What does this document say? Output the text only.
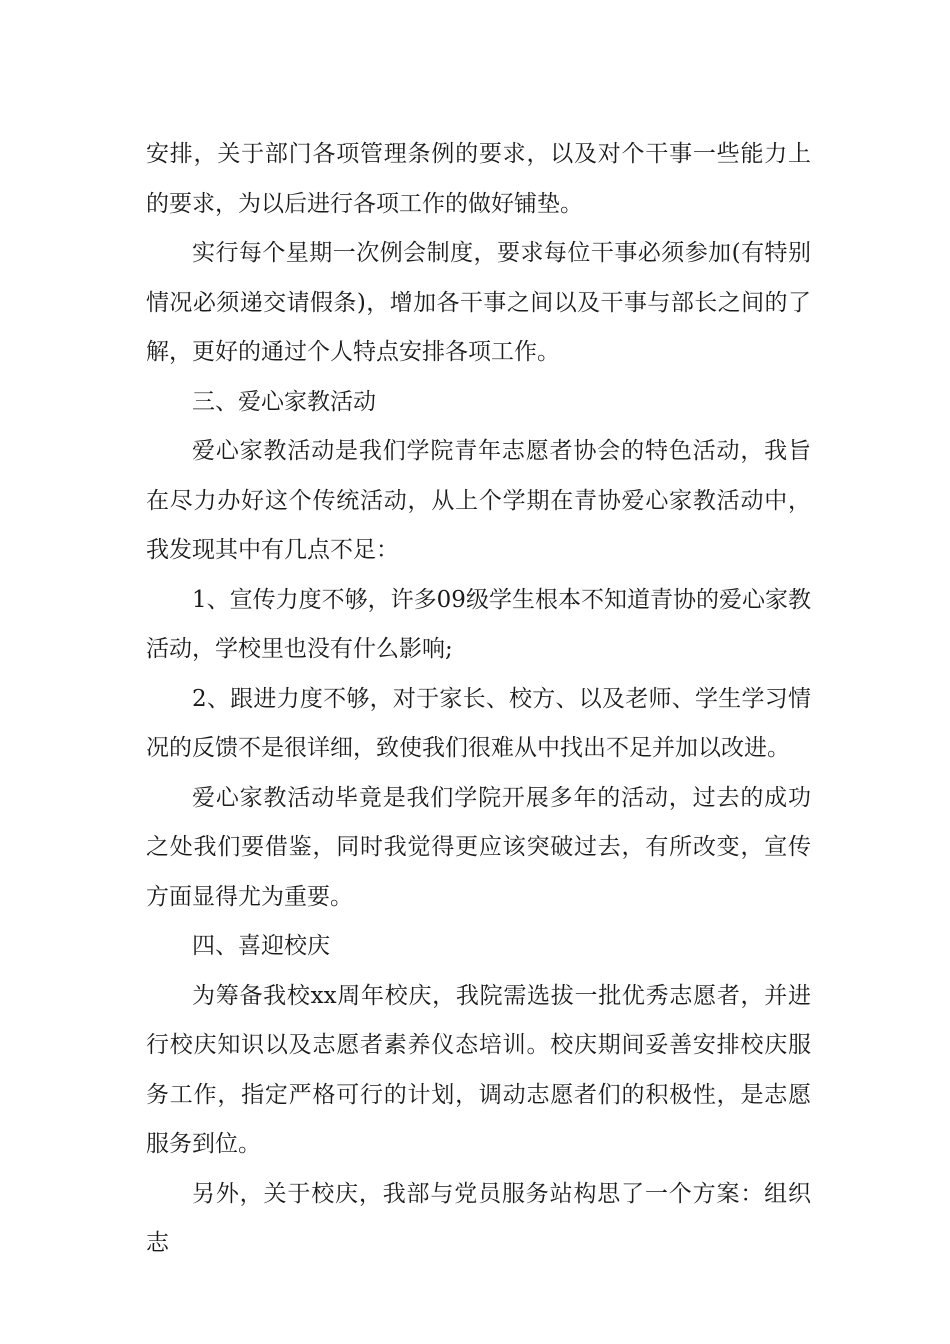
安排，关于部门各项管理条例的要求，以及对个干事一些能力上的要求，为以后进行各项工作的做好铺垫。

实行每个星期一次例会制度，要求每位干事必须参加(有特别情况必须递交请假条)，增加各干事之间以及干事与部长之间的了解，更好的通过个人特点安排各项工作。

三、爱心家教活动

爱心家教活动是我们学院青年志愿者协会的特色活动，我旨在尽力办好这个传统活动，从上个学期在青协爱心家教活动中，我发现其中有几点不足：

1、宣传力度不够，许多09级学生根本不知道青协的爱心家教活动，学校里也没有什么影响;

2、跟进力度不够，对于家长、校方、以及老师、学生学习情况的反馈不是很详细，致使我们很难从中找出不足并加以改进。

爱心家教活动毕竟是我们学院开展多年的活动，过去的成功之处我们要借鉴，同时我觉得更应该突破过去，有所改变，宣传方面显得尤为重要。

四、喜迎校庆

为筹备我校xx周年校庆，我院需选拔一批优秀志愿者，并进行校庆知识以及志愿者素养仪态培训。校庆期间妥善安排校庆服务工作，指定严格可行的计划，调动志愿者们的积极性，是志愿服务到位。

另外，关于校庆，我部与党员服务站构思了一个方案：组织志
